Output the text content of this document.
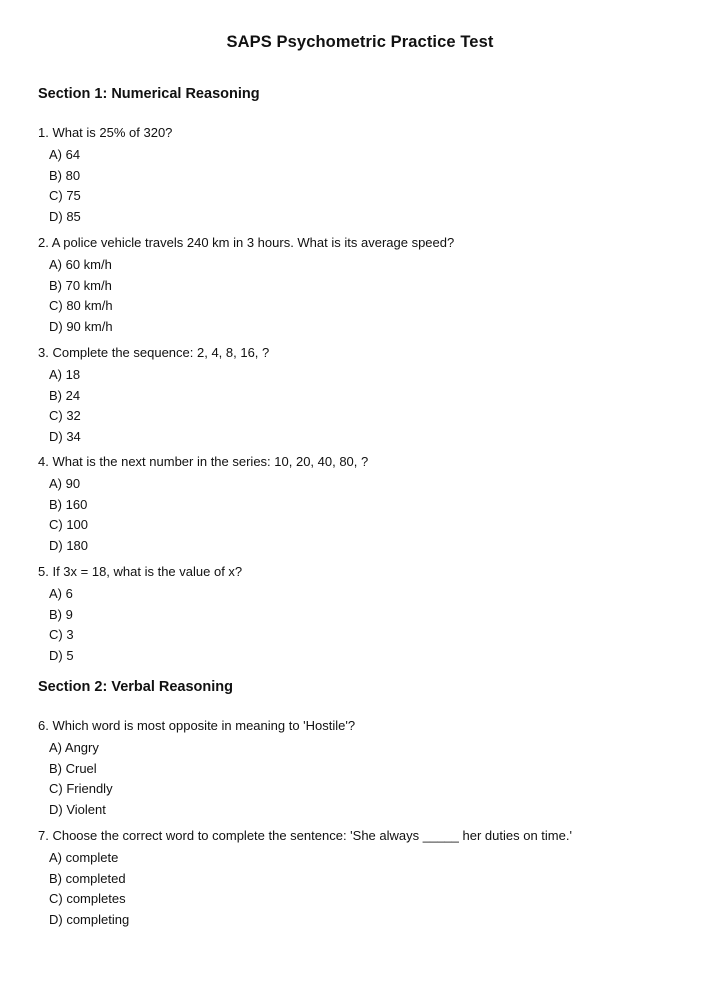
SAPS Psychometric Practice Test
Section 1: Numerical Reasoning

1. What is 25% of 320?

A) 64
B) 80
C) 75
D) 85

2. A police vehicle travels 240 km in 3 hours. What is its average speed?

A) 60 km/h
B) 70 km/h
C) 80 km/h
D) 90 km/h

3. Complete the sequence: 2, 4, 8, 16, ?

A) 18
B) 24
C) 32
D) 34

4. What is the next number in the series: 10, 20, 40, 80, ?

A) 90
B) 160
C) 100
D) 180

5. If 3x = 18, what is the value of x?

A) 6
B) 9
C) 3
D) 5
Section 2: Verbal Reasoning

6. Which word is most opposite in meaning to 'Hostile'?

A) Angry
B) Cruel
C) Friendly
D) Violent

7. Choose the correct word to complete the sentence: 'She always _____ her duties on time.'

A) complete
B) completed
C) completes
D) completing
